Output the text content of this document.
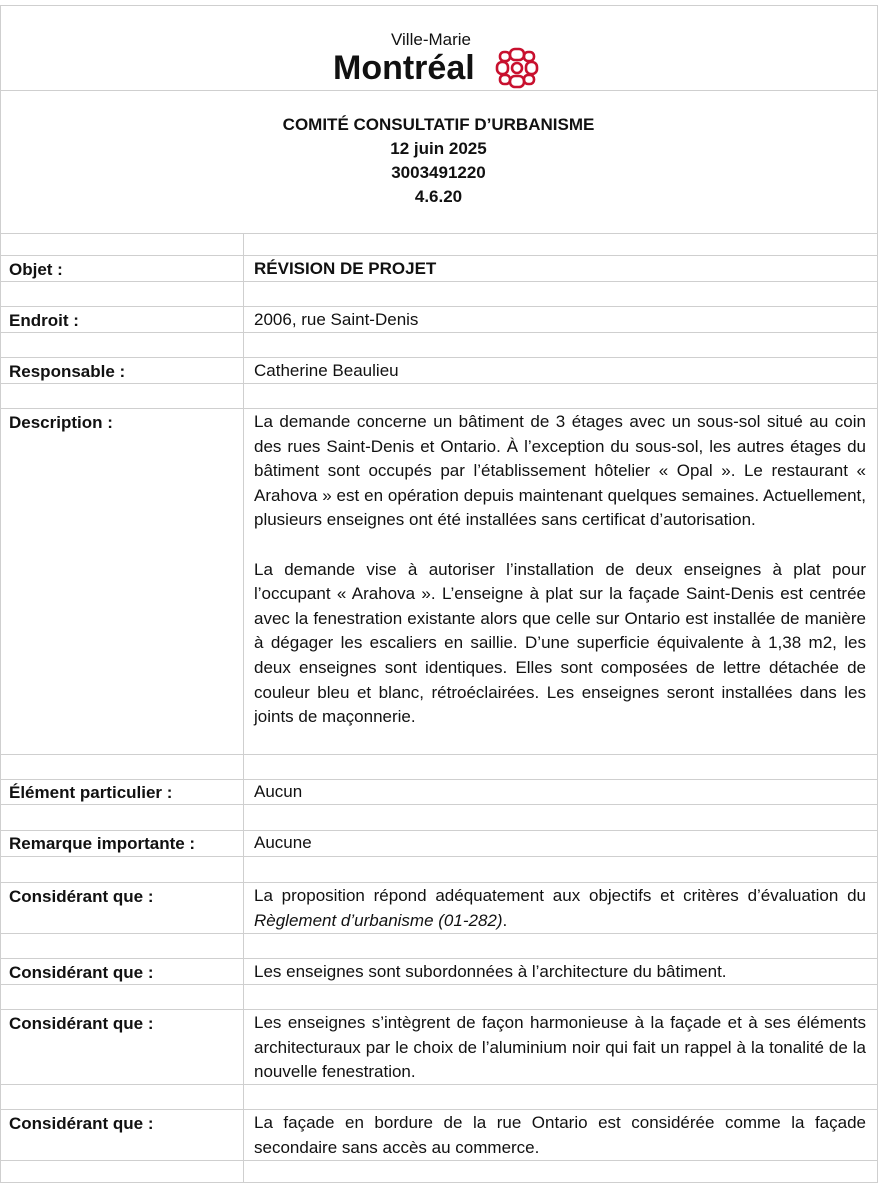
Ville-Marie
Montréal
COMITÉ CONSULTATIF D’URBANISME
12 juin 2025
3003491220
4.6.20
Objet :	RÉVISION DE PROJET
Endroit :	2006, rue Saint-Denis
Responsable :	Catherine Beaulieu
Description :	La demande concerne un bâtiment de 3 étages avec un sous-sol situé au coin des rues Saint-Denis et Ontario. À l’exception du sous-sol, les autres étages du bâtiment sont occupés par l’établissement hôtelier « Opal ». Le restaurant « Arahova » est en opération depuis maintenant quelques semaines. Actuellement, plusieurs enseignes ont été installées sans certificat d’autorisation.
La demande vise à autoriser l’installation de deux enseignes à plat pour l’occupant « Arahova ». L’enseigne à plat sur la façade Saint-Denis est centrée avec la fenestration existante alors que celle sur Ontario est installée de manière à dégager les escaliers en saillie. D’une superficie équivalente à 1,38 m2, les deux enseignes sont identiques. Elles sont composées de lettre détachée de couleur bleu et blanc, rétroéclairées. Les enseignes seront installées dans les joints de maçonnerie.
Élément particulier :	Aucun
Remarque importante :	Aucune
Considérant que :	La proposition répond adéquatement aux objectifs et critères d’évaluation du Règlement d’urbanisme (01-282).
Considérant que :	Les enseignes sont subordonnées à l’architecture du bâtiment.
Considérant que :	Les enseignes s’intègrent de façon harmonieuse à la façade et à ses éléments architecturaux par le choix de l’aluminium noir qui fait un rappel à la tonalité de la nouvelle fenestration.
Considérant que :	La façade en bordure de la rue Ontario est considérée comme la façade secondaire sans accès au commerce.
